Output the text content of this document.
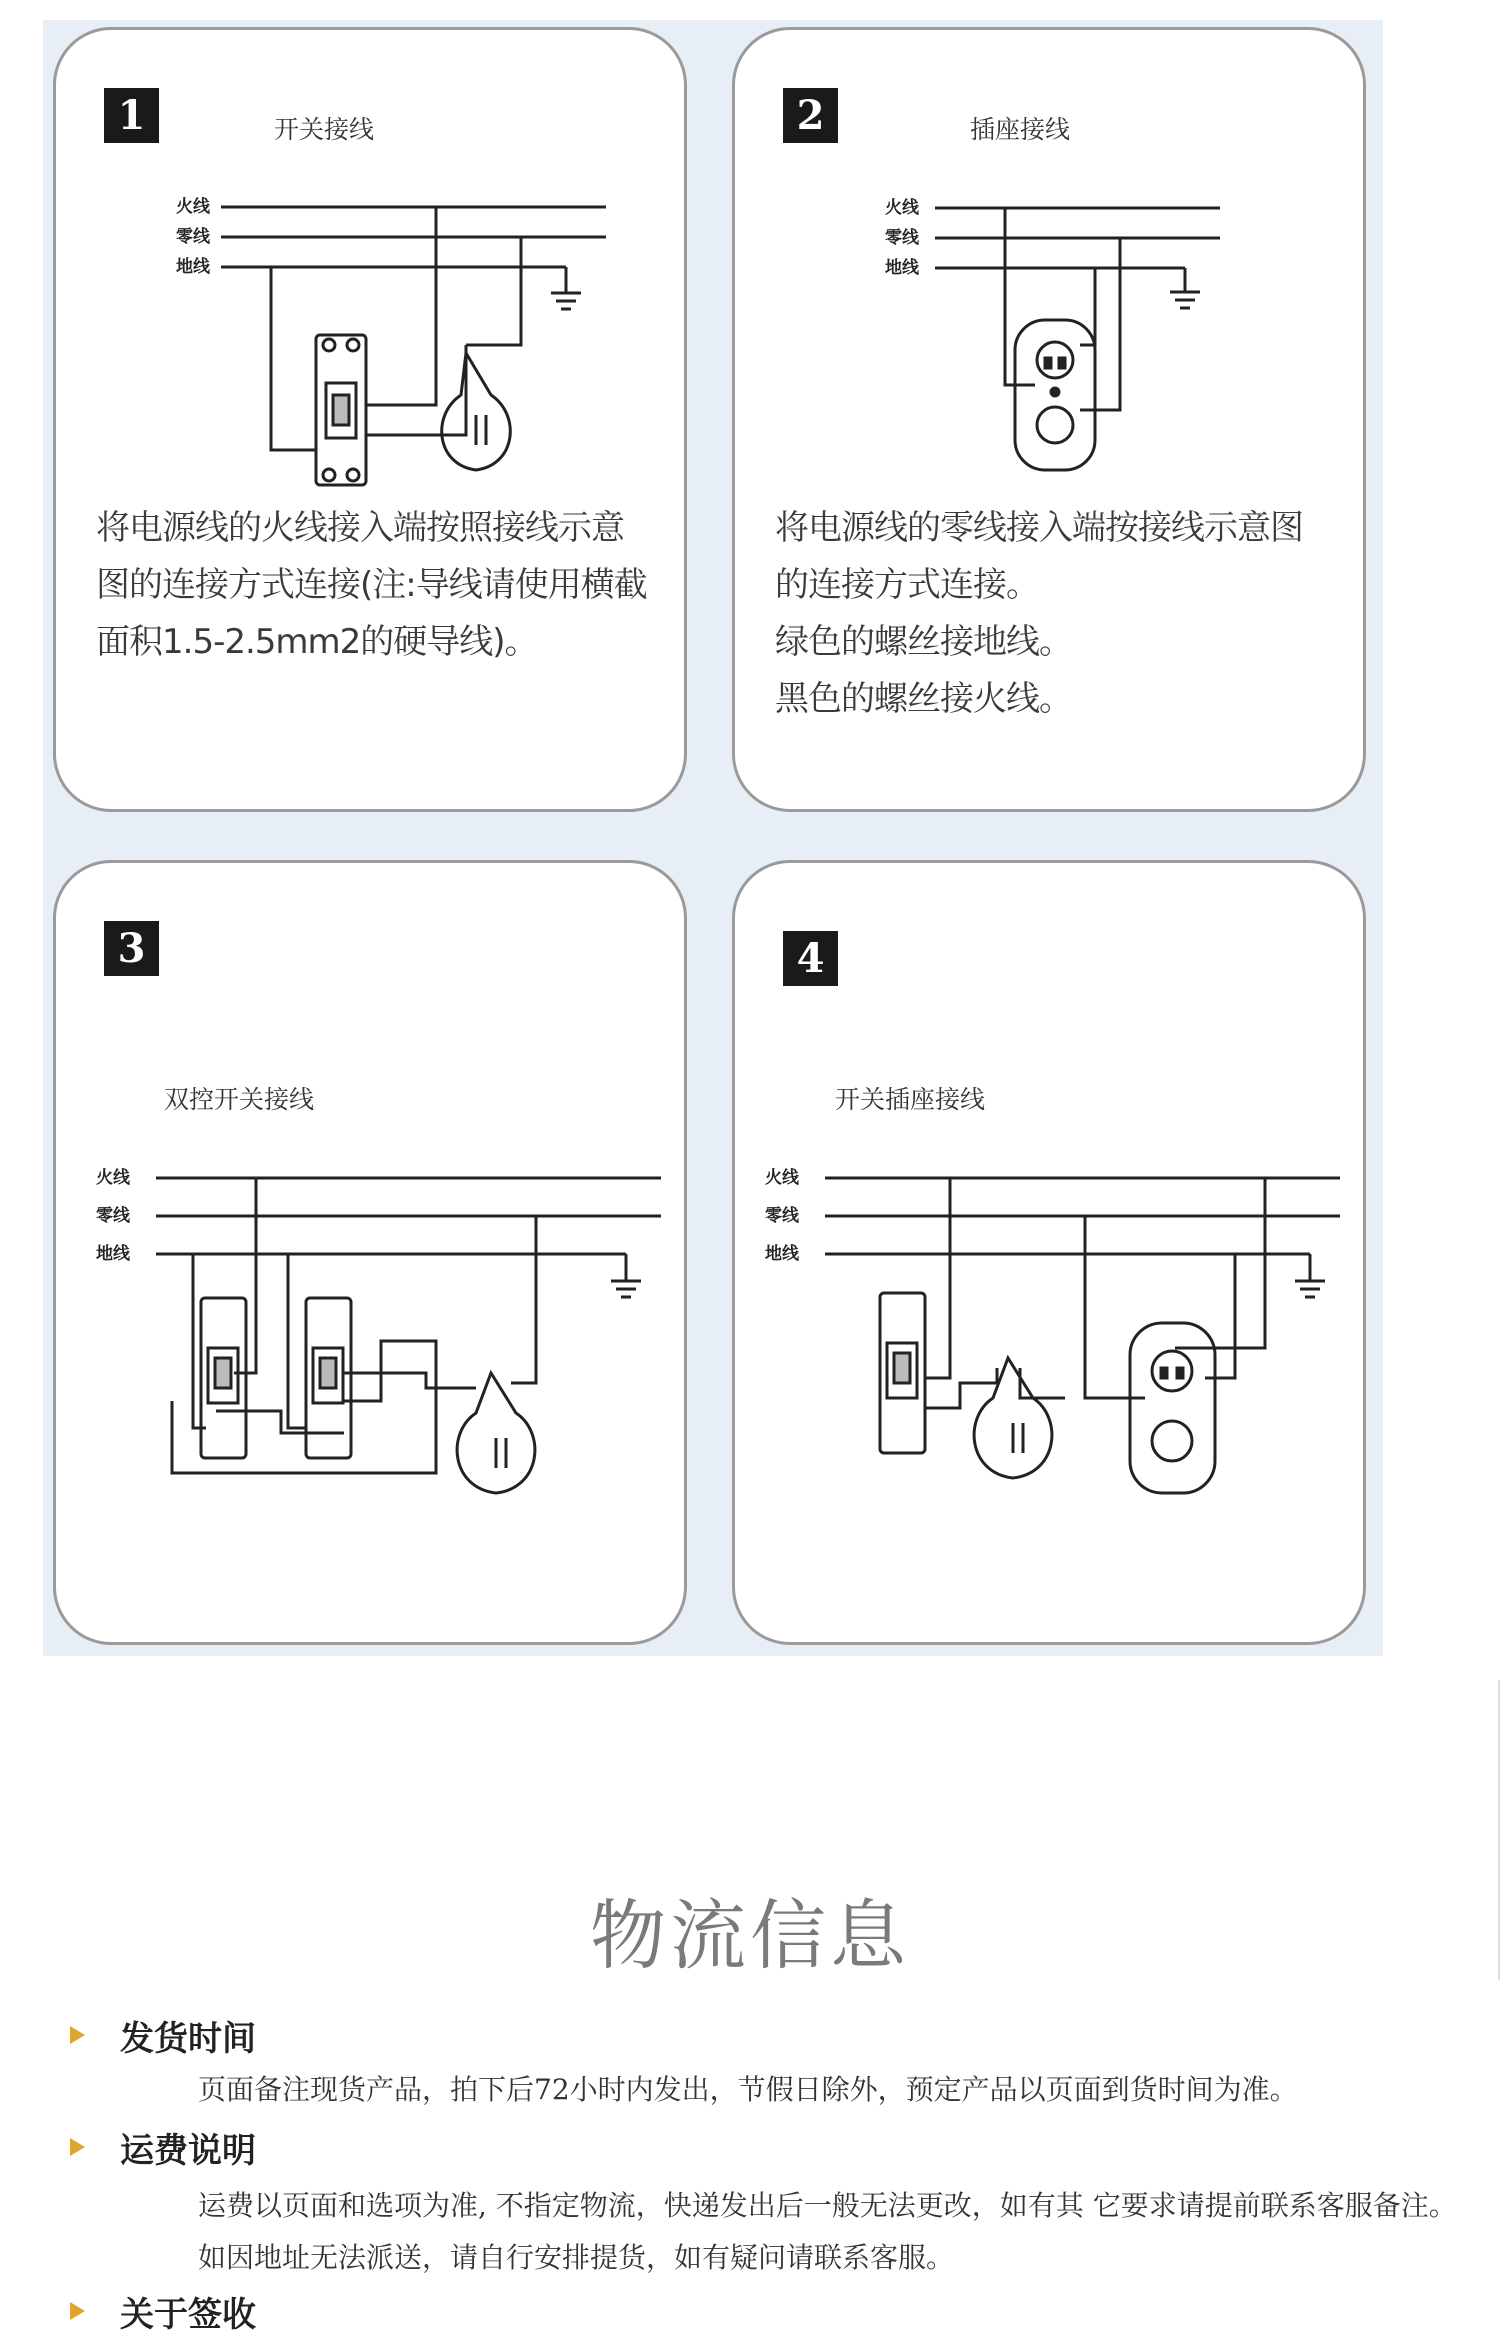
1	开关接线
火线
零线
地线
将电源线的火线接入端按照接线示意图的连接方式连接(注:导线请使用横截面积1.5-2.5mm2的硬导线)。
2	插座接线
火线
零线
地线
将电源线的零线接入端按接线示意图的连接方式连接。
绿色的螺丝接地线。
黑色的螺丝接火线。
3
双控开关接线
火线
零线
地线
4
开关插座接线
火线
零线
地线
物流信息
发货时间
页面备注现货产品，拍下后72小时内发出，节假日除外，预定产品以页面到货时间为准。
运费说明
运费以页面和选项为准, 不指定物流，快递发出后一般无法更改，如有其 它要求请提前联系客服备注。如因地址无法派送，请自行安排提货，如有疑问请联系客服。
关于签收
